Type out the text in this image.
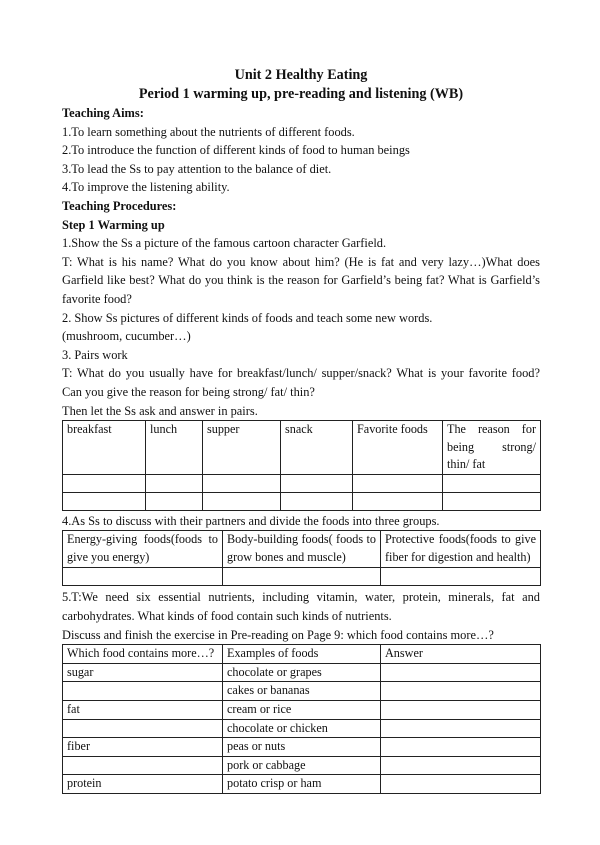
Unit 2 Healthy Eating
Period 1 warming up, pre-reading and listening (WB)
Teaching Aims:
1.To learn something about the nutrients of different foods.
2.To introduce the function of different kinds of food to human beings
3.To lead the Ss to pay attention to the balance of diet.
4.To improve the listening ability.
Teaching Procedures:
Step 1 Warming up
1.Show the Ss a picture of the famous cartoon character Garfield.
T: What is his name? What do you know about him? (He is fat and very lazy…)What does Garfield like best? What do you think is the reason for Garfield’s being fat? What is Garfield’s favorite food?
2. Show Ss pictures of different kinds of foods and teach some new words.
(mushroom, cucumber…)
3. Pairs work
T: What do you usually have for breakfast/lunch/ supper/snack? What is your favorite food? Can you give the reason for being strong/ fat/ thin?
Then let the Ss ask and answer in pairs.
breakfast	lunch	supper	snack	Favorite foods	The reason for
being strong/
thin/ fat

4.As Ss to discuss with their partners and divide the foods into three groups.
Energy-giving foods(foods to give you energy)	Body-building foods( foods to grow bones and muscle)	Protective foods(foods to give fiber for digestion and health)

5.T:We need six essential nutrients, including vitamin, water, protein, minerals, fat and carbohydrates. What kinds of food contain such kinds of nutrients.
Discuss and finish the exercise in Pre-reading on Page 9: which food contains more…?
Which food contains more…?	Examples of foods	Answer
sugar	chocolate or grapes	
	cakes or bananas	
fat	cream or rice	
	chocolate or chicken	
fiber	peas or nuts	
	pork or cabbage	
protein	potato crisp or ham	
